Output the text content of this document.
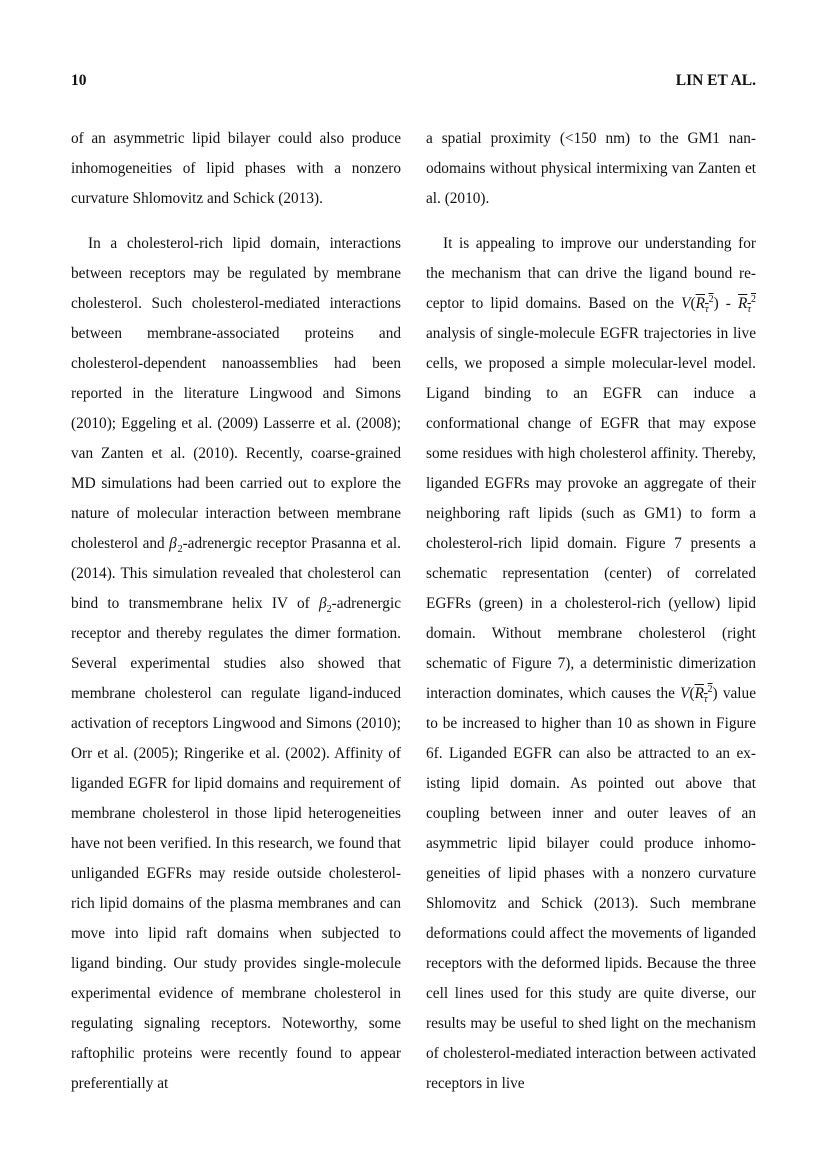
10	LIN ET AL.

of an asymmetric lipid bilayer could also produce inhomogeneities of lipid phases with a nonzero curvature Shlomovitz and Schick (2013).

In a cholesterol-rich lipid domain, interactions between receptors may be regulated by membrane cholesterol. Such cholesterol-mediated interactions between membrane-associated proteins and cholesterol-dependent nanoassemblies had been reported in the literature Lingwood and Simons (2010); Eggeling et al. (2009) Lasserre et al. (2008); van Zanten et al. (2010). Recently, coarse-grained MD simulations had been carried out to explore the nature of molecular interaction between membrane cholesterol and β $_2$-adrenergic receptor Prasanna et al. (2014). This simulation revealed that cholesterol can bind to transmembrane helix IV of $\beta_2$-adrenergic receptor and thereby regulates the dimer formation. Several experimental studies also showed that membrane cholesterol can regulate ligand-induced activation of receptors Lingwood and Simons (2010); Orr et al. (2005); Ringerike et al. (2002). Affinity of liganded EGFR for lipid domains and requirement of membrane cholesterol in those lipid heterogeneities have not been verified. In this research, we found that unliganded EGFRs may reside outside cholesterol-rich lipid domains of the plasma membranes and can move into lipid raft domains when subjected to ligand binding. Our study provides single-molecule experimental evidence of membrane cholesterol in regulating signaling receptors. Noteworthy, some raftophilic proteins were recently found to appear preferentially at

a spatial proximity (<150 nm) to the GM1 nanodomains without physical intermixing van Zanten et al. (2010).

It is appealing to improve our understanding for the mechanism that can drive the ligand bound receptor to lipid domains. Based on the $V(R_\tau^2) - R_\tau^2$ analysis of single-molecule EGFR trajectories in live cells, we proposed a simple molecular-level model. Ligand binding to an EGFR can induce a conformational change of EGFR that may expose some residues with high cholesterol affinity. Thereby, liganded EGFRs may provoke an aggregate of their neighboring raft lipids (such as GM1) to form a cholesterol-rich lipid domain. Figure 7 presents a schematic representation (center) of correlated EGFRs (green) in a cholesterol-rich (yellow) lipid domain. Without membrane cholesterol (right schematic of Figure 7), a deterministic dimerization interaction dominates, which causes the $V(R_\tau^2)$ value to be increased to higher than 10 as shown in Figure 6f. Liganded EGFR can also be attracted to an existing lipid domain. As pointed out above that coupling between inner and outer leaves of an asymmetric lipid bilayer could produce inhomogeneities of lipid phases with a nonzero curvature Shlomovitz and Schick (2013). Such membrane deformations could affect the movements of liganded receptors with the deformed lipids. Because the three cell lines used for this study are quite diverse, our results may be useful to shed light on the mechanism of cholesterol-mediated interaction between activated receptors in live
